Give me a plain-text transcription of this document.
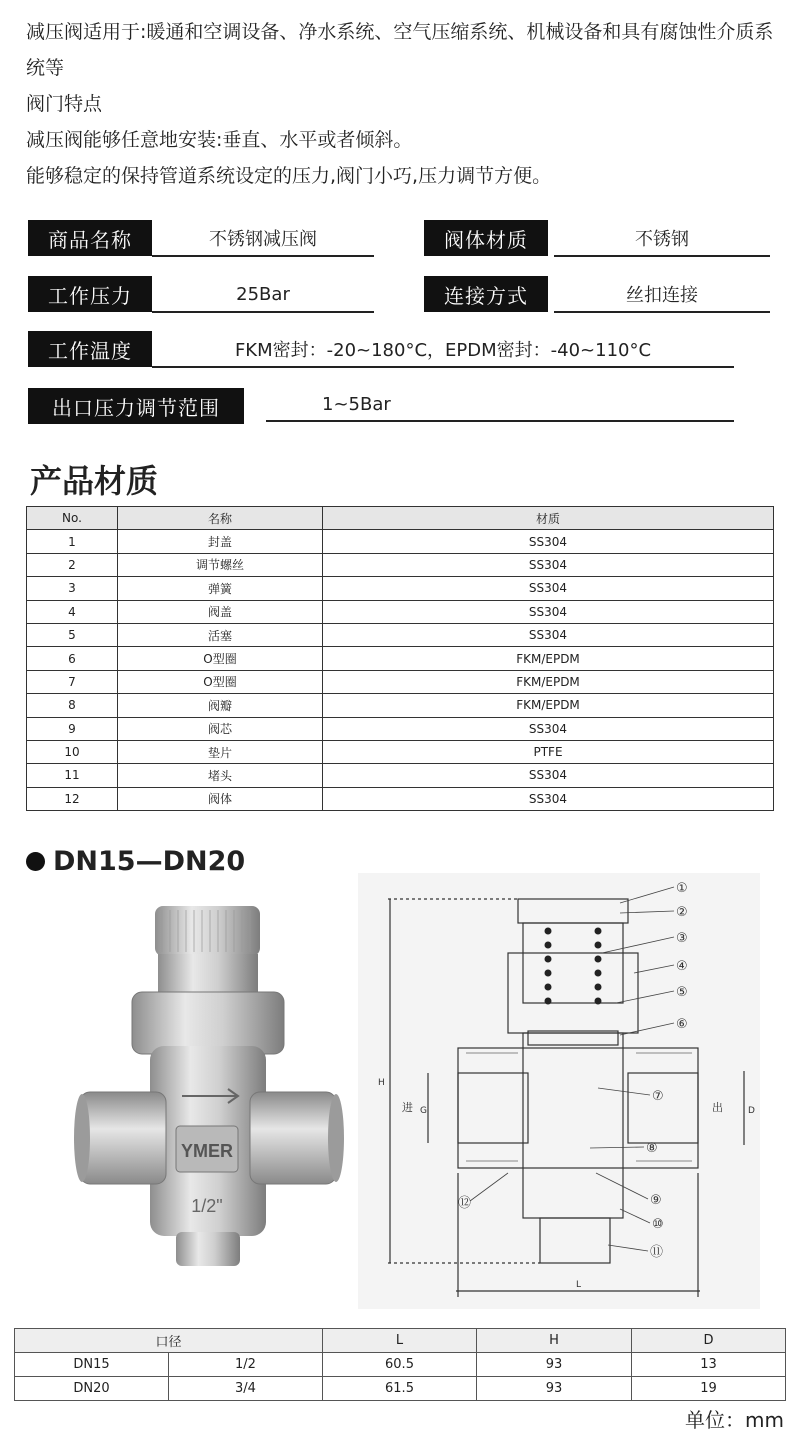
减压阀适用于:暖通和空调设备、净水系统、空气压缩系统、机械设备和具有腐蚀性介质系统等

阀门特点

减压阀能够任意地安装:垂直、水平或者倾斜。

能够稳定的保持管道系统设定的压力,阀门小巧,压力调节方便。

商品名称	不锈钢减压阀	阀体材质	不锈钢
工作压力	25Bar	连接方式	丝扣连接
工作温度	FKM密封：-20~180°C，EPDM密封：-40~110°C
出口压力调节范围	1~5Bar
产品材质
No.	名称	材质
1	封盖	SS304
2	调节螺丝	SS304
3	弹簧	SS304
4	阀盖	SS304
5	活塞	SS304
6	O型圈	FKM/EPDM
7	O型圈	FKM/EPDM
8	阀瓣	FKM/EPDM
9	阀芯	SS304
10	垫片	PTFE
11	堵头	SS304
12	阀体	SS304
DN15—DN20
YMER
1/2"
①
②
③
④
⑤
⑥
⑦
⑧
⑨
⑩
⑪
⑫
H
G	D
L
进	出
口径		L	H	D
DN15	1/2	60.5	93	13
DN20	3/4	61.5	93	19
单位：mm
